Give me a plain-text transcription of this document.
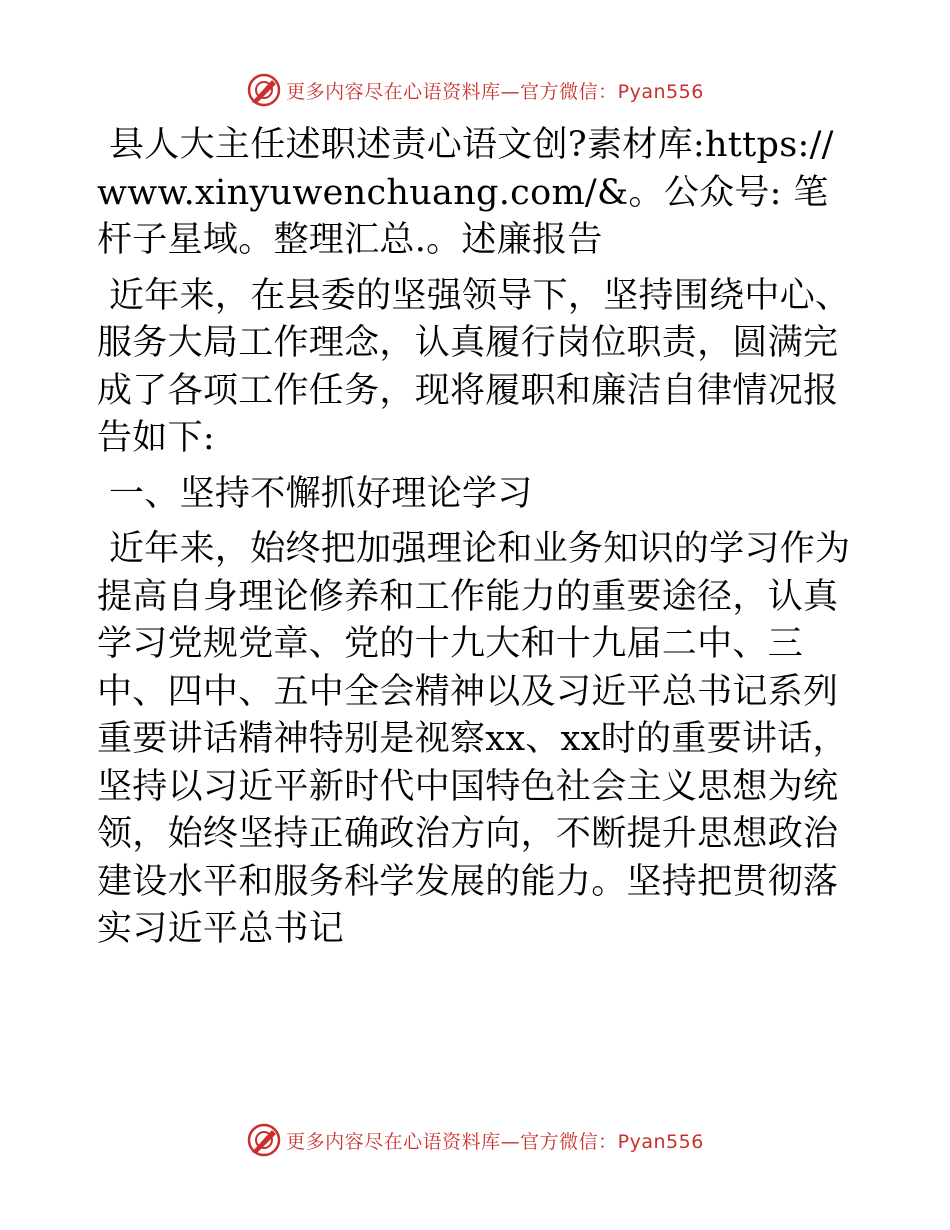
更多内容尽在心语资料库—官方微信：Pyan556

县人大主任述职述责心语文创?素材库:https://www.xinyuwenchuang.com/&。公众号: 笔杆子星域。整理汇总.。述廉报告

近年来，在县委的坚强领导下，坚持围绕中心、服务大局工作理念，认真履行岗位职责，圆满完成了各项工作任务，现将履职和廉洁自律情况报告如下:

一、坚持不懈抓好理论学习

近年来，始终把加强理论和业务知识的学习作为提高自身理论修养和工作能力的重要途径，认真学习党规党章、党的十九大和十九届二中、三中、四中、五中全会精神以及习近平总书记系列重要讲话精神特别是视察xx、xx时的重要讲话，坚持以习近平新时代中国特色社会主义思想为统领，始终坚持正确政治方向，不断提升思想政治建设水平和服务科学发展的能力。坚持把贯彻落实习近平总书记

更多内容尽在心语资料库—官方微信：Pyan556
